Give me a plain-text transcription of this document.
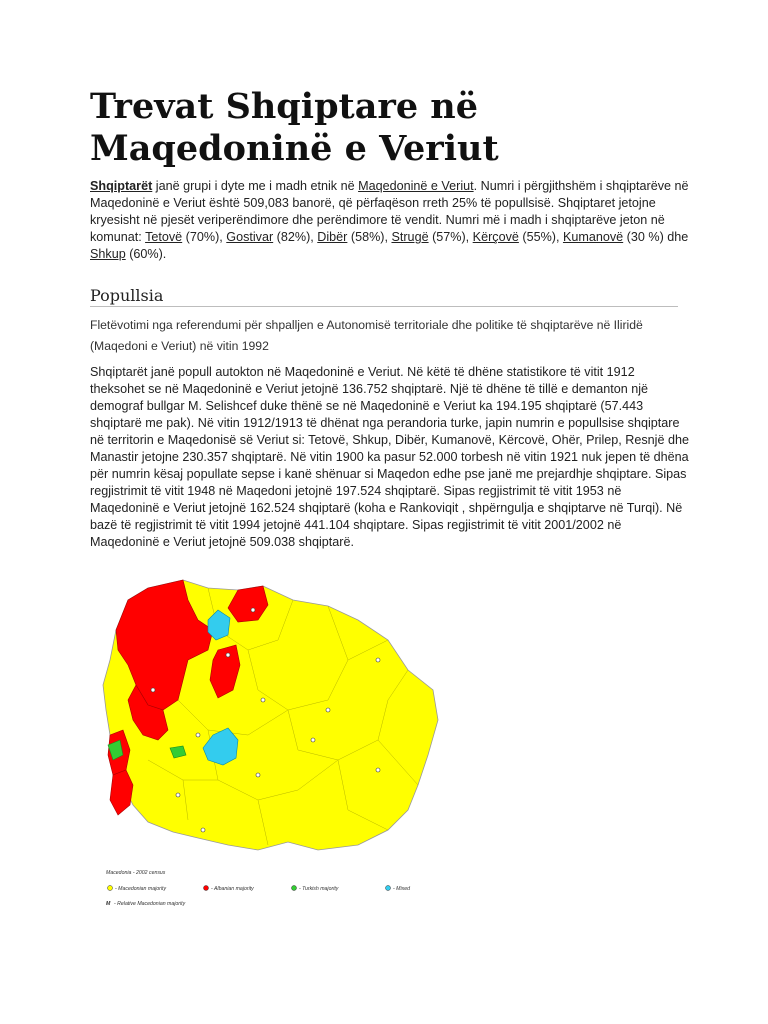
Trevat Shqiptare në Maqedoninë e Veriut

Shqiptarët janë grupi i dyte me i madh etnik në Maqedoninë e Veriut. Numri i përgjithshëm i shqiptarëve në Maqedoninë e Veriut është 509,083 banorë, që përfaqëson rreth 25% të popullsisë. Shqiptaret jetojne kryesisht në pjesët veriperëndimore dhe perëndimore të vendit. Numri më i madh i shqiptarëve jeton në komunat: Tetovë (70%), Gostivar (82%), Dibër (58%), Strugë (57%), Kërçovë (55%), Kumanovë (30 %) dhe Shkup (60%).

Popullsia

Fletëvotimi nga referendumi për shpalljen e Autonomisë territoriale dhe politike të shqiptarëve në Iliridë (Maqedoni e Veriut) në vitin 1992

Shqiptarët janë popull autokton në Maqedoninë e Veriut. Në këtë të dhëne statistikore të vitit 1912 theksohet se në Maqedoninë e Veriut jetojnë 136.752 shqiptarë. Një të dhëne të tillë e demanton një demograf bullgar M. Selishcef duke thënë se në Maqedoninë e Veriut ka 194.195 shqiptarë (57.443 shqiptarë me pak). Në vitin 1912/1913 të dhënat nga perandoria turke, japin numrin e popullsise shqiptare në territorin e Maqedonisë së Veriut si: Tetovë, Shkup, Dibër, Kumanovë, Kërcovë, Ohër, Prilep, Resnjë dhe Manastir jetojne 230.357 shqiptarë. Në vitin 1900 ka pasur 52.000 torbesh në vitin 1921 nuk jepen të dhëna për numrin kësaj popullate sepse i kanë shënuar si Maqedon edhe pse janë me prejardhje shqiptare. Sipas regjistrimit të vitit 1948 në Maqedoni jetojnë 197.524 shqiptarë. Sipas regjistrimit të vitit 1953 në Maqedoninë e Veriut jetojnë 162.524 shqiptarë (koha e Rankoviqit , shpërngulja e shqiptarve në Turqi). Në bazë të regjistrimit të vitit 1994 jetojnë 441.104 shqiptare. Sipas regjistrimit të vitit 2001/2002 në Maqedoninë e Veriut jetojnë 509.038 shqiptarë.

Macedonia - 2002 census
- Macedonian majority	- Albanian majority	- Turkish majority	- Mixed
M - Relative Macedonian majority
